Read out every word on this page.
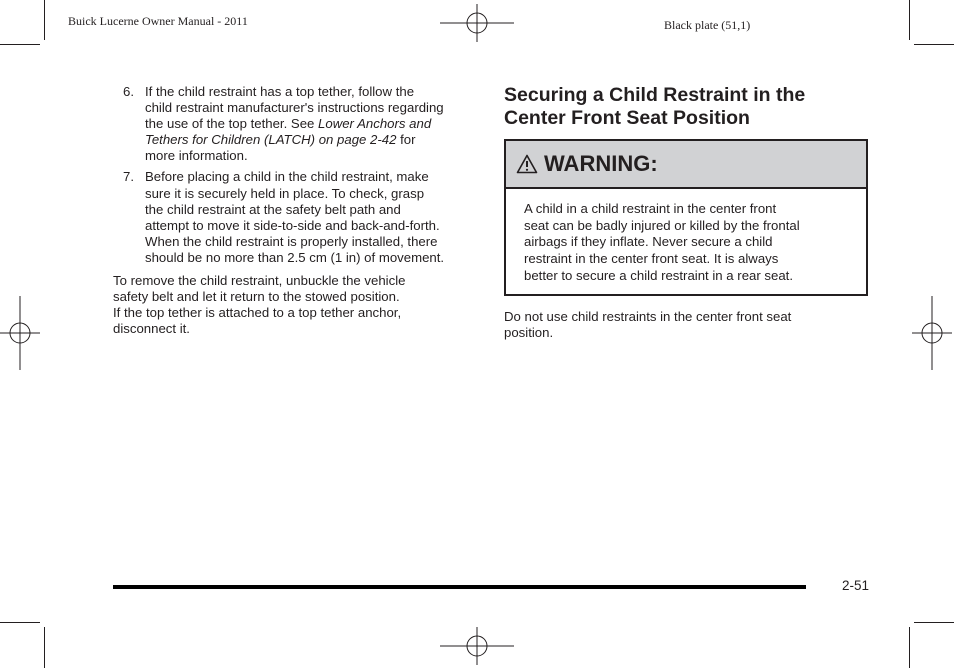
Buick Lucerne Owner Manual - 2011	Black plate (51,1)
6. If the child restraint has a top tether, follow the
child restraint manufacturer's instructions regarding
the use of the top tether. See Lower Anchors and
Tethers for Children (LATCH) on page 2-42 for
more information.
7. Before placing a child in the child restraint, make
sure it is securely held in place. To check, grasp
the child restraint at the safety belt path and
attempt to move it side-to-side and back-and-forth.
When the child restraint is properly installed, there
should be no more than 2.5 cm (1 in) of movement.
To remove the child restraint, unbuckle the vehicle
safety belt and let it return to the stowed position.
If the top tether is attached to a top tether anchor,
disconnect it.
Securing a Child Restraint in the
Center Front Seat Position
WARNING:
A child in a child restraint in the center front
seat can be badly injured or killed by the frontal
airbags if they inflate. Never secure a child
restraint in the center front seat. It is always
better to secure a child restraint in a rear seat.
Do not use child restraints in the center front seat
position.
2-51
